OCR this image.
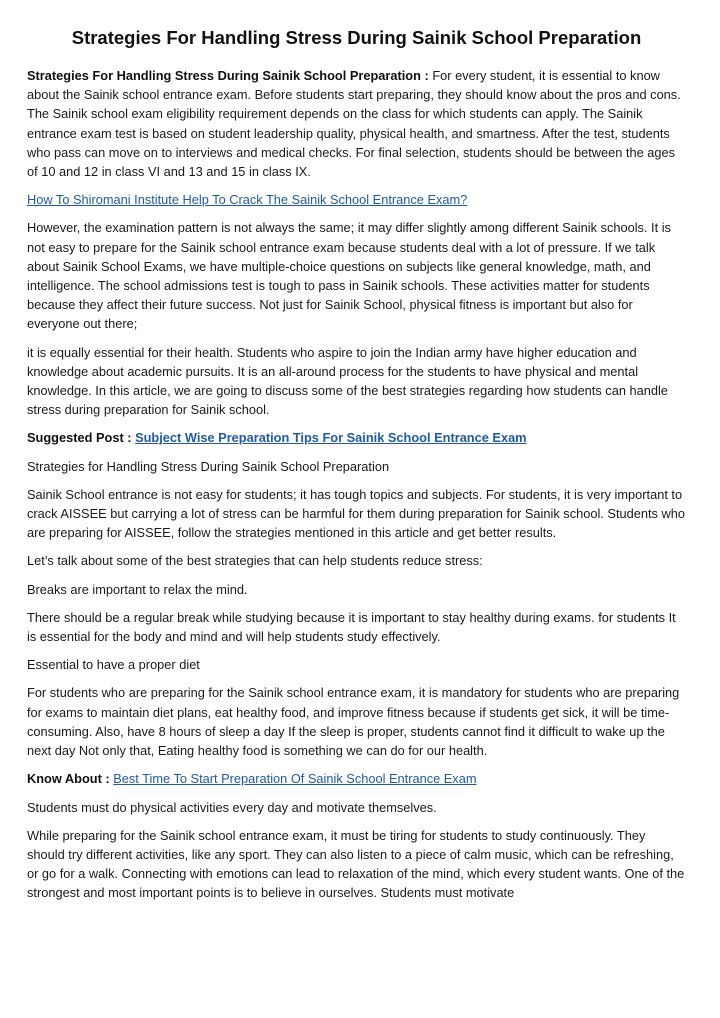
Strategies For Handling Stress During Sainik School Preparation

Strategies For Handling Stress During Sainik School Preparation : For every student, it is essential to know about the Sainik school entrance exam. Before students start preparing, they should know about the pros and cons. The Sainik school exam eligibility requirement depends on the class for which students can apply. The Sainik entrance exam test is based on student leadership quality, physical health, and smartness. After the test, students who pass can move on to interviews and medical checks. For final selection, students should be between the ages of 10 and 12 in class VI and 13 and 15 in class IX.

How To Shiromani Institute Help To Crack The Sainik School Entrance Exam?

However, the examination pattern is not always the same; it may differ slightly among different Sainik schools. It is not easy to prepare for the Sainik school entrance exam because students deal with a lot of pressure. If we talk about Sainik School Exams, we have multiple-choice questions on subjects like general knowledge, math, and intelligence. The school admissions test is tough to pass in Sainik schools. These activities matter for students because they affect their future success. Not just for Sainik School, physical fitness is important but also for everyone out there;

it is equally essential for their health. Students who aspire to join the Indian army have higher education and knowledge about academic pursuits. It is an all-around process for the students to have physical and mental knowledge. In this article, we are going to discuss some of the best strategies regarding how students can handle stress during preparation for Sainik school.

Suggested Post : Subject Wise Preparation Tips For Sainik School Entrance Exam

Strategies for Handling Stress During Sainik School Preparation

Sainik School entrance is not easy for students; it has tough topics and subjects. For students, it is very important to crack AISSEE but carrying a lot of stress can be harmful for them during preparation for Sainik school. Students who are preparing for AISSEE, follow the strategies mentioned in this article and get better results.

Let’s talk about some of the best strategies that can help students reduce stress:

Breaks are important to relax the mind.

There should be a regular break while studying because it is important to stay healthy during exams. for students It is essential for the body and mind and will help students study effectively.

Essential to have a proper diet

For students who are preparing for the Sainik school entrance exam, it is mandatory for students who are preparing for exams to maintain diet plans, eat healthy food, and improve fitness because if students get sick, it will be time-consuming. Also, have 8 hours of sleep a day If the sleep is proper, students cannot find it difficult to wake up the next day Not only that, Eating healthy food is something we can do for our health.

Know About : Best Time To Start Preparation Of Sainik School Entrance Exam

Students must do physical activities every day and motivate themselves.

While preparing for the Sainik school entrance exam, it must be tiring for students to study continuously. They should try different activities, like any sport. They can also listen to a piece of calm music, which can be refreshing, or go for a walk. Connecting with emotions can lead to relaxation of the mind, which every student wants. One of the strongest and most important points is to believe in ourselves. Students must motivate
